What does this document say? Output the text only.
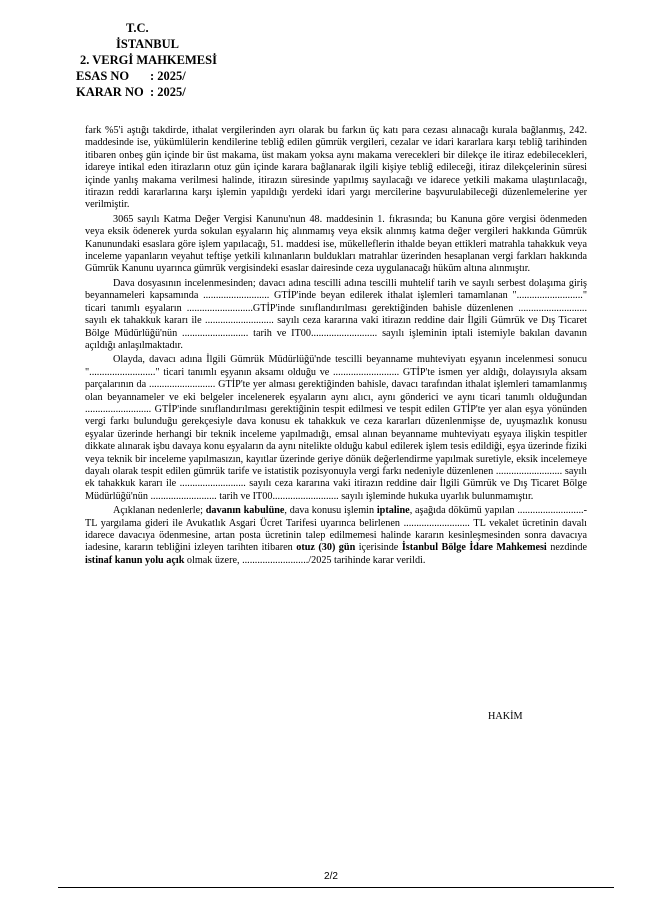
T.C.
İSTANBUL
2. VERGİ MAHKEMESİ
ESAS NO : 2025/
KARAR NO : 2025/

fark %5'i aştığı takdirde, ithalat vergilerinden ayrı olarak bu farkın üç katı para cezası alınacağı kurala bağlanmış, 242. maddesinde ise, yükümlülerin kendilerine tebliğ edilen gümrük vergileri, cezalar ve idari kararlara karşı tebliğ tarihinden itibaren onbeş gün içinde bir üst makama, üst makam yoksa aynı makama verecekleri bir dilekçe ile itiraz edebilecekleri, idareye intikal eden itirazların otuz gün içinde karara bağlanarak ilgili kişiye tebliğ edileceği, itiraz dilekçelerinin süresi içinde yanlış makama verilmesi halinde, itirazın süresinde yapılmış sayılacağı ve idarece yetkili makama ulaştırılacağı, itirazın reddi kararlarına karşı işlemin yapıldığı yerdeki idari yargı mercilerine başvurulabileceği düzenlemelerine yer verilmiştir.

3065 sayılı Katma Değer Vergisi Kanunu'nun 48. maddesinin 1. fıkrasında; bu Kanuna göre vergisi ödenmeden veya eksik ödenerek yurda sokulan eşyaların hiç alınmamış veya eksik alınmış katma değer vergileri hakkında Gümrük Kanunundaki esaslara göre işlem yapılacağı, 51. maddesi ise, mükelleflerin ithalde beyan ettikleri matrahla tahakkuk veya inceleme yapanların veyahut teftişe yetkili kılınanların buldukları matrahlar üzerinden hesaplanan vergi farkları hakkında Gümrük Kanunu uyarınca gümrük vergisindeki esaslar dairesinde ceza uygulanacağı hüküm altına alınmıştır.

Dava dosyasının incelenmesinden; davacı adına tescilli adına tescilli muhtelif tarih ve sayılı serbest dolaşıma giriş beyannameleri kapsamında .......................... GTİP'inde beyan edilerek ithalat işlemleri tamamlanan ".........................." ticari tanımlı eşyaların ..........................GTİP'inde sınıflandırılması gerektiğinden bahisle düzenlenen ........................... sayılı ek tahakkuk kararı ile ........................... sayılı ceza kararına vaki itirazın reddine dair İlgili Gümrük ve Dış Ticaret Bölge Müdürlüğü'nün .......................... tarih ve IT00.......................... sayılı işleminin iptali istemiyle bakılan davanın açıldığı anlaşılmaktadır.

Olayda, davacı adına İlgili Gümrük Müdürlüğü'nde tescilli beyanname muhteviyatı eşyanın incelenmesi sonucu ".........................." ticari tanımlı eşyanın aksamı olduğu ve .......................... GTİP'te ismen yer aldığı, dolayısıyla aksam parçalarının da .......................... GTİP'te yer alması gerektiğinden bahisle, davacı tarafından ithalat işlemleri tamamlanmış olan beyannameler ve eki belgeler incelenerek eşyaların aynı alıcı, aynı gönderici ve aynı ticari tanımlı olduğundan .......................... GTİP'inde sınıflandırılması gerektiğinin tespit edilmesi ve tespit edilen GTİP'te yer alan eşya yönünden vergi farkı bulunduğu gerekçesiyle dava konusu ek tahakkuk ve ceza kararları düzenlenmişse de, uyuşmazlık konusu eşyalar üzerinde herhangi bir teknik inceleme yapılmadığı, emsal alınan beyanname muhteviyatı eşyaya ilişkin tespitler dikkate alınarak işbu davaya konu eşyaların da aynı nitelikte olduğu kabul edilerek işlem tesis edildiği, eşya üzerinde fiziki veya teknik bir inceleme yapılmasızın, kayıtlar üzerinde geriye dönük değerlendirme yapılmak suretiyle, eksik incelemeye dayalı olarak tespit edilen gümrük tarife ve istatistik pozisyonuyla vergi farkı nedeniyle düzenlenen .......................... sayılı ek tahakkuk kararı ile .......................... sayılı ceza kararına vaki itirazın reddine dair İlgili Gümrük ve Dış Ticaret Bölge Müdürlüğü'nün .......................... tarih ve IT00.......................... sayılı işleminde hukuka uyarlık bulunmamıştır.

Açıklanan nedenlerle; davanın kabulüne, dava konusu işlemin iptaline, aşağıda dökümü yapılan ..........................-TL yargılama gideri ile Avukatlık Asgari Ücret Tarifesi uyarınca belirlenen .......................... TL vekalet ücretinin davalı idarece davacıya ödenmesine, artan posta ücretinin talep edilmemesi halinde kararın kesinleşmesinden sonra davacıya iadesine, kararın tebliğini izleyen tarihten itibaren otuz (30) gün içerisinde İstanbul Bölge İdare Mahkemesi nezdinde istinaf kanun yolu açık olmak üzere, ........................../2025 tarihinde karar verildi.

HAKİM
2/2
